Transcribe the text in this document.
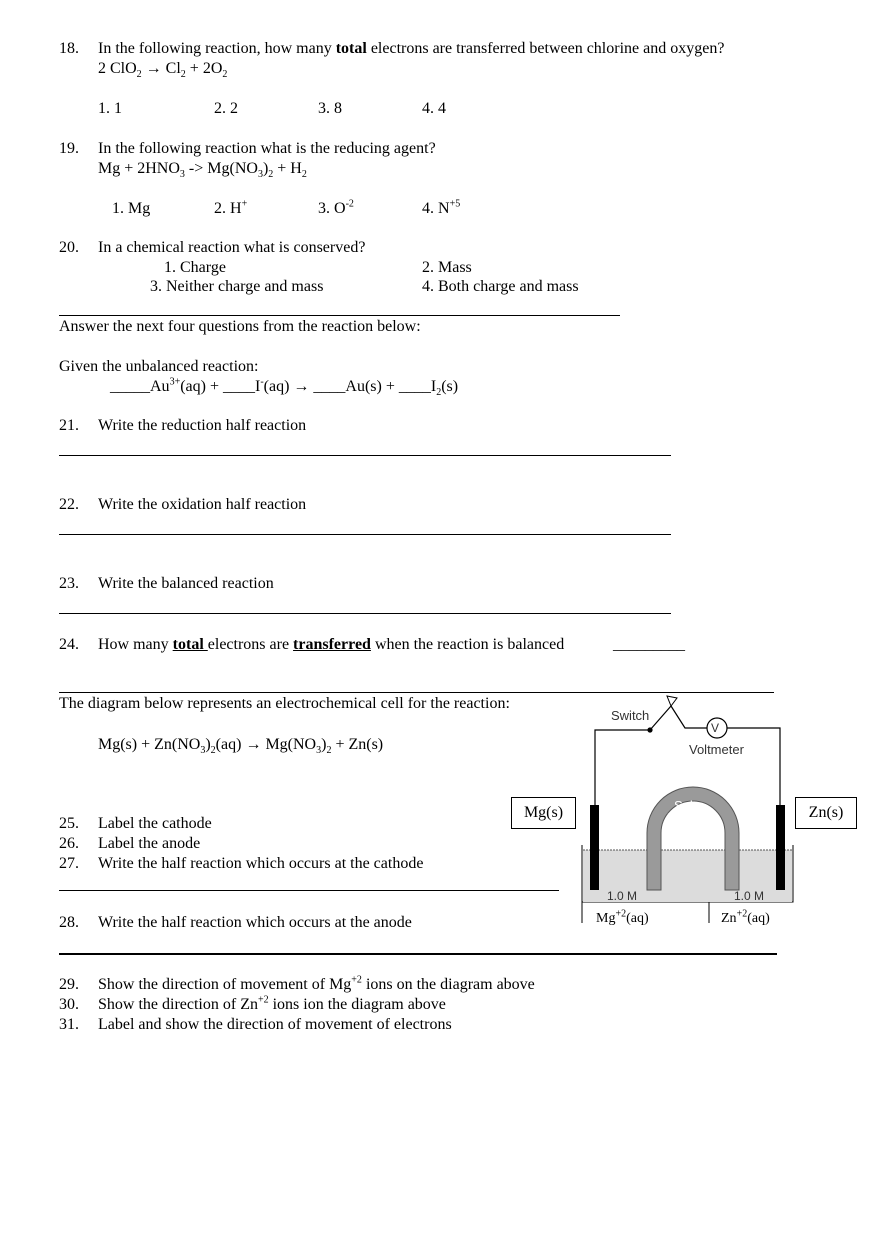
18. In the following reaction, how many total electrons are transferred between chlorine and oxygen?
2 $ClO_2 \to Cl_2 + 2O_2$
1. 1	2. 2	3. 8	4. 4
19. In the following reaction what is the reducing agent?
$Mg + 2HNO_3 -> Mg(NO_3)_2 + H_2$
1. Mg	2. H+	3. $O^{-2}$	4. $N^{+5}$
20. In a chemical reaction what is conserved?
1. Charge	2. Mass
3. Neither charge and mass	4. Both charge and mass
Answer the next four questions from the reaction below:
Given the unbalanced reaction:
$\_\_\_\_\_Au^{3+}(aq)$ + ____I-(aq) → ____Au(s) + $\_\_\_\_I_2(s)$
21. Write the reduction half reaction
22. Write the oxidation half reaction
23. Write the balanced reaction
24. How many total electrons are transferred when the reaction is balanced	_________
The diagram below represents an electrochemical cell for the reaction:
$Mg(s) + Zn(NO_3)_2(aq) \to Mg(NO_3)_2 + Zn(s)$
25. Label the cathode
26. Label the anode
27. Write the half reaction which occurs at the cathode
28. Write the half reaction which occurs at the anode
29. Show the direction of movement of $Mg^{+2}$ ions on the diagram above
30. Show the direction of $Zn^{+2}$ ions ion the diagram above
31. Label and show the direction of movement of electrons
Switch
V
Voltmeter
Salt
bridge
1.0 M	1.0 M
$Mg^{+2}(aq)$	$Zn^{+2}(aq)$
Mg(s)	Zn(s)
